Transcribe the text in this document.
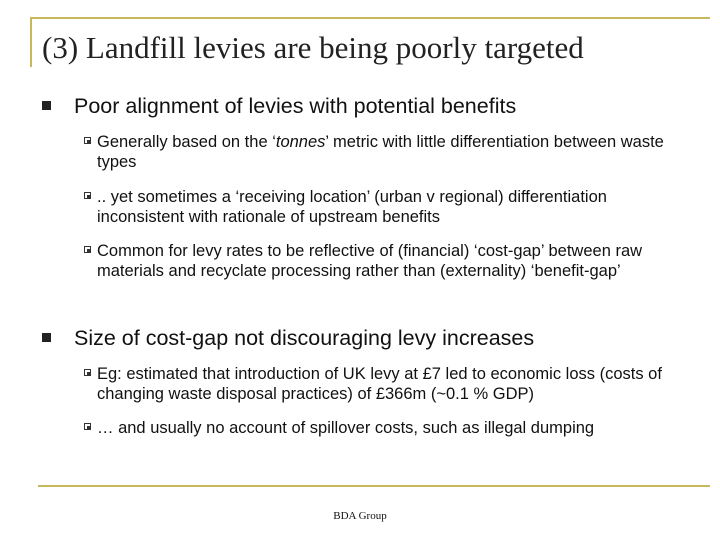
(3) Landfill levies are being poorly targeted
Poor alignment of levies with potential benefits
Generally based on the ‘tonnes’ metric with little differentiation between waste types
.. yet sometimes a ‘receiving location’ (urban v regional) differentiation inconsistent with rationale of upstream benefits
Common for levy rates to be reflective of (financial) ‘cost-gap’ between raw materials and recyclate processing rather than (externality) ‘benefit-gap’
Size of cost-gap not discouraging levy increases
Eg: estimated that introduction of UK levy at £7 led to economic loss (costs of changing waste disposal practices) of £366m (~0.1 % GDP)
… and usually no account of spillover costs, such as illegal dumping
BDA Group
